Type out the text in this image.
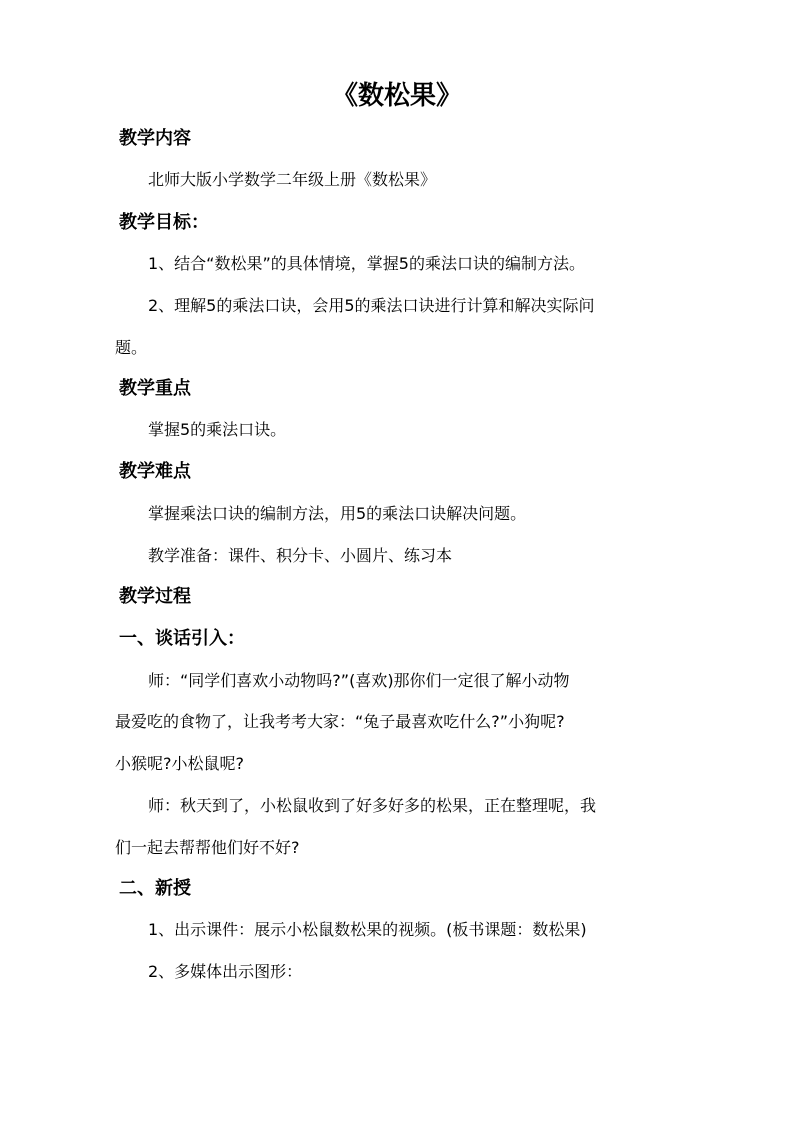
《数松果》
教学内容
北师大版小学数学二年级上册《数松果》
教学目标：
1、结合“数松果”的具体情境，掌握5的乘法口诀的编制方法。
2、理解5的乘法口诀，会用5的乘法口诀进行计算和解决实际问
题。
教学重点
掌握5的乘法口诀。
教学难点
掌握乘法口诀的编制方法，用5的乘法口诀解决问题。
教学准备：课件、积分卡、小圆片、练习本
教学过程
一、谈话引入：
师：“同学们喜欢小动物吗?”(喜欢)那你们一定很了解小动物
最爱吃的食物了，让我考考大家：“兔子最喜欢吃什么?”小狗呢?
小猴呢?小松鼠呢?
师：秋天到了，小松鼠收到了好多好多的松果，正在整理呢，我
们一起去帮帮他们好不好?
二、新授
1、出示课件：展示小松鼠数松果的视频。(板书课题：数松果)
2、多媒体出示图形：
